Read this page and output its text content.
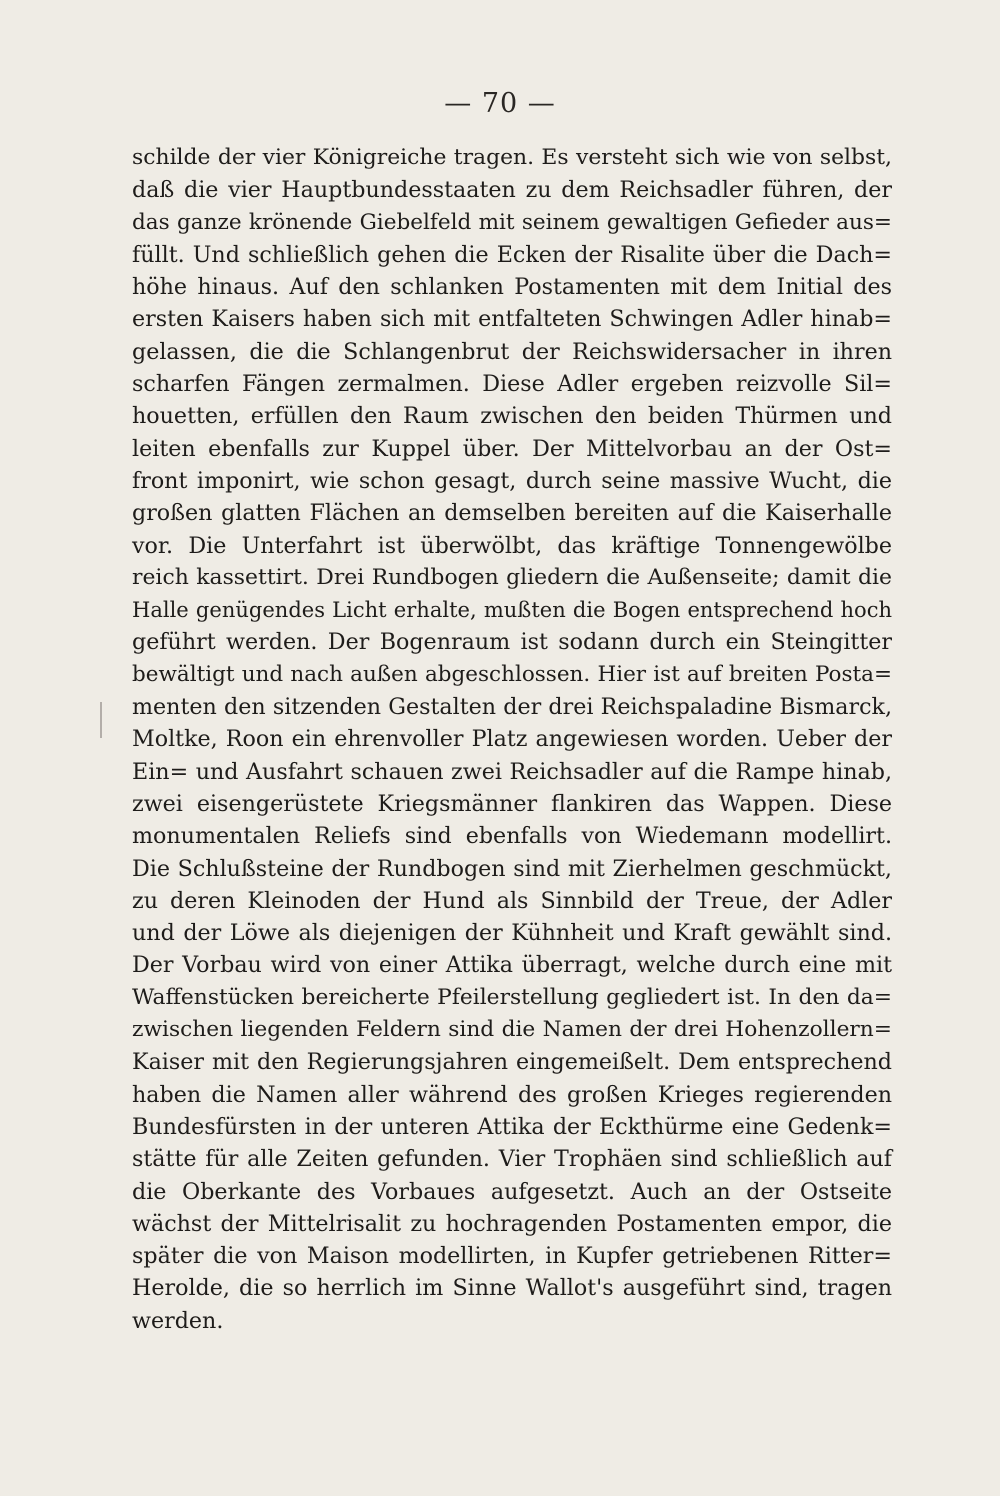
— 70 —
schilde der vier Königreiche tragen. Es versteht sich wie von selbst,
daß die vier Hauptbundesstaaten zu dem Reichsadler führen, der
das ganze krönende Giebelfeld mit seinem gewaltigen Gefieder aus=
füllt. Und schließlich gehen die Ecken der Risalite über die Dach=
höhe hinaus. Auf den schlanken Postamenten mit dem Initial des
ersten Kaisers haben sich mit entfalteten Schwingen Adler hinab=
gelassen, die die Schlangenbrut der Reichswidersacher in ihren
scharfen Fängen zermalmen. Diese Adler ergeben reizvolle Sil=
houetten, erfüllen den Raum zwischen den beiden Thürmen und
leiten ebenfalls zur Kuppel über. Der Mittelvorbau an der Ost=
front imponirt, wie schon gesagt, durch seine massive Wucht, die
großen glatten Flächen an demselben bereiten auf die Kaiserhalle
vor. Die Unterfahrt ist überwölbt, das kräftige Tonnengewölbe
reich kassettirt. Drei Rundbogen gliedern die Außenseite; damit die
Halle genügendes Licht erhalte, mußten die Bogen entsprechend hoch
geführt werden. Der Bogenraum ist sodann durch ein Steingitter
bewältigt und nach außen abgeschlossen. Hier ist auf breiten Posta=
menten den sitzenden Gestalten der drei Reichspaladine Bismarck,
Moltke, Roon ein ehrenvoller Platz angewiesen worden. Ueber der
Ein= und Ausfahrt schauen zwei Reichsadler auf die Rampe hinab,
zwei eisengerüstete Kriegsmänner flankiren das Wappen. Diese
monumentalen Reliefs sind ebenfalls von Wiedemann modellirt.
Die Schlußsteine der Rundbogen sind mit Zierhelmen geschmückt,
zu deren Kleinoden der Hund als Sinnbild der Treue, der Adler
und der Löwe als diejenigen der Kühnheit und Kraft gewählt sind.
Der Vorbau wird von einer Attika überragt, welche durch eine mit
Waffenstücken bereicherte Pfeilerstellung gegliedert ist. In den da=
zwischen liegenden Feldern sind die Namen der drei Hohenzollern=
Kaiser mit den Regierungsjahren eingemeißelt. Dem entsprechend
haben die Namen aller während des großen Krieges regierenden
Bundesfürsten in der unteren Attika der Eckthürme eine Gedenk=
stätte für alle Zeiten gefunden. Vier Trophäen sind schließlich auf
die Oberkante des Vorbaues aufgesetzt. Auch an der Ostseite
wächst der Mittelrisalit zu hochragenden Postamenten empor, die
später die von Maison modellirten, in Kupfer getriebenen Ritter=
Herolde, die so herrlich im Sinne Wallot's ausgeführt sind, tragen
werden.
